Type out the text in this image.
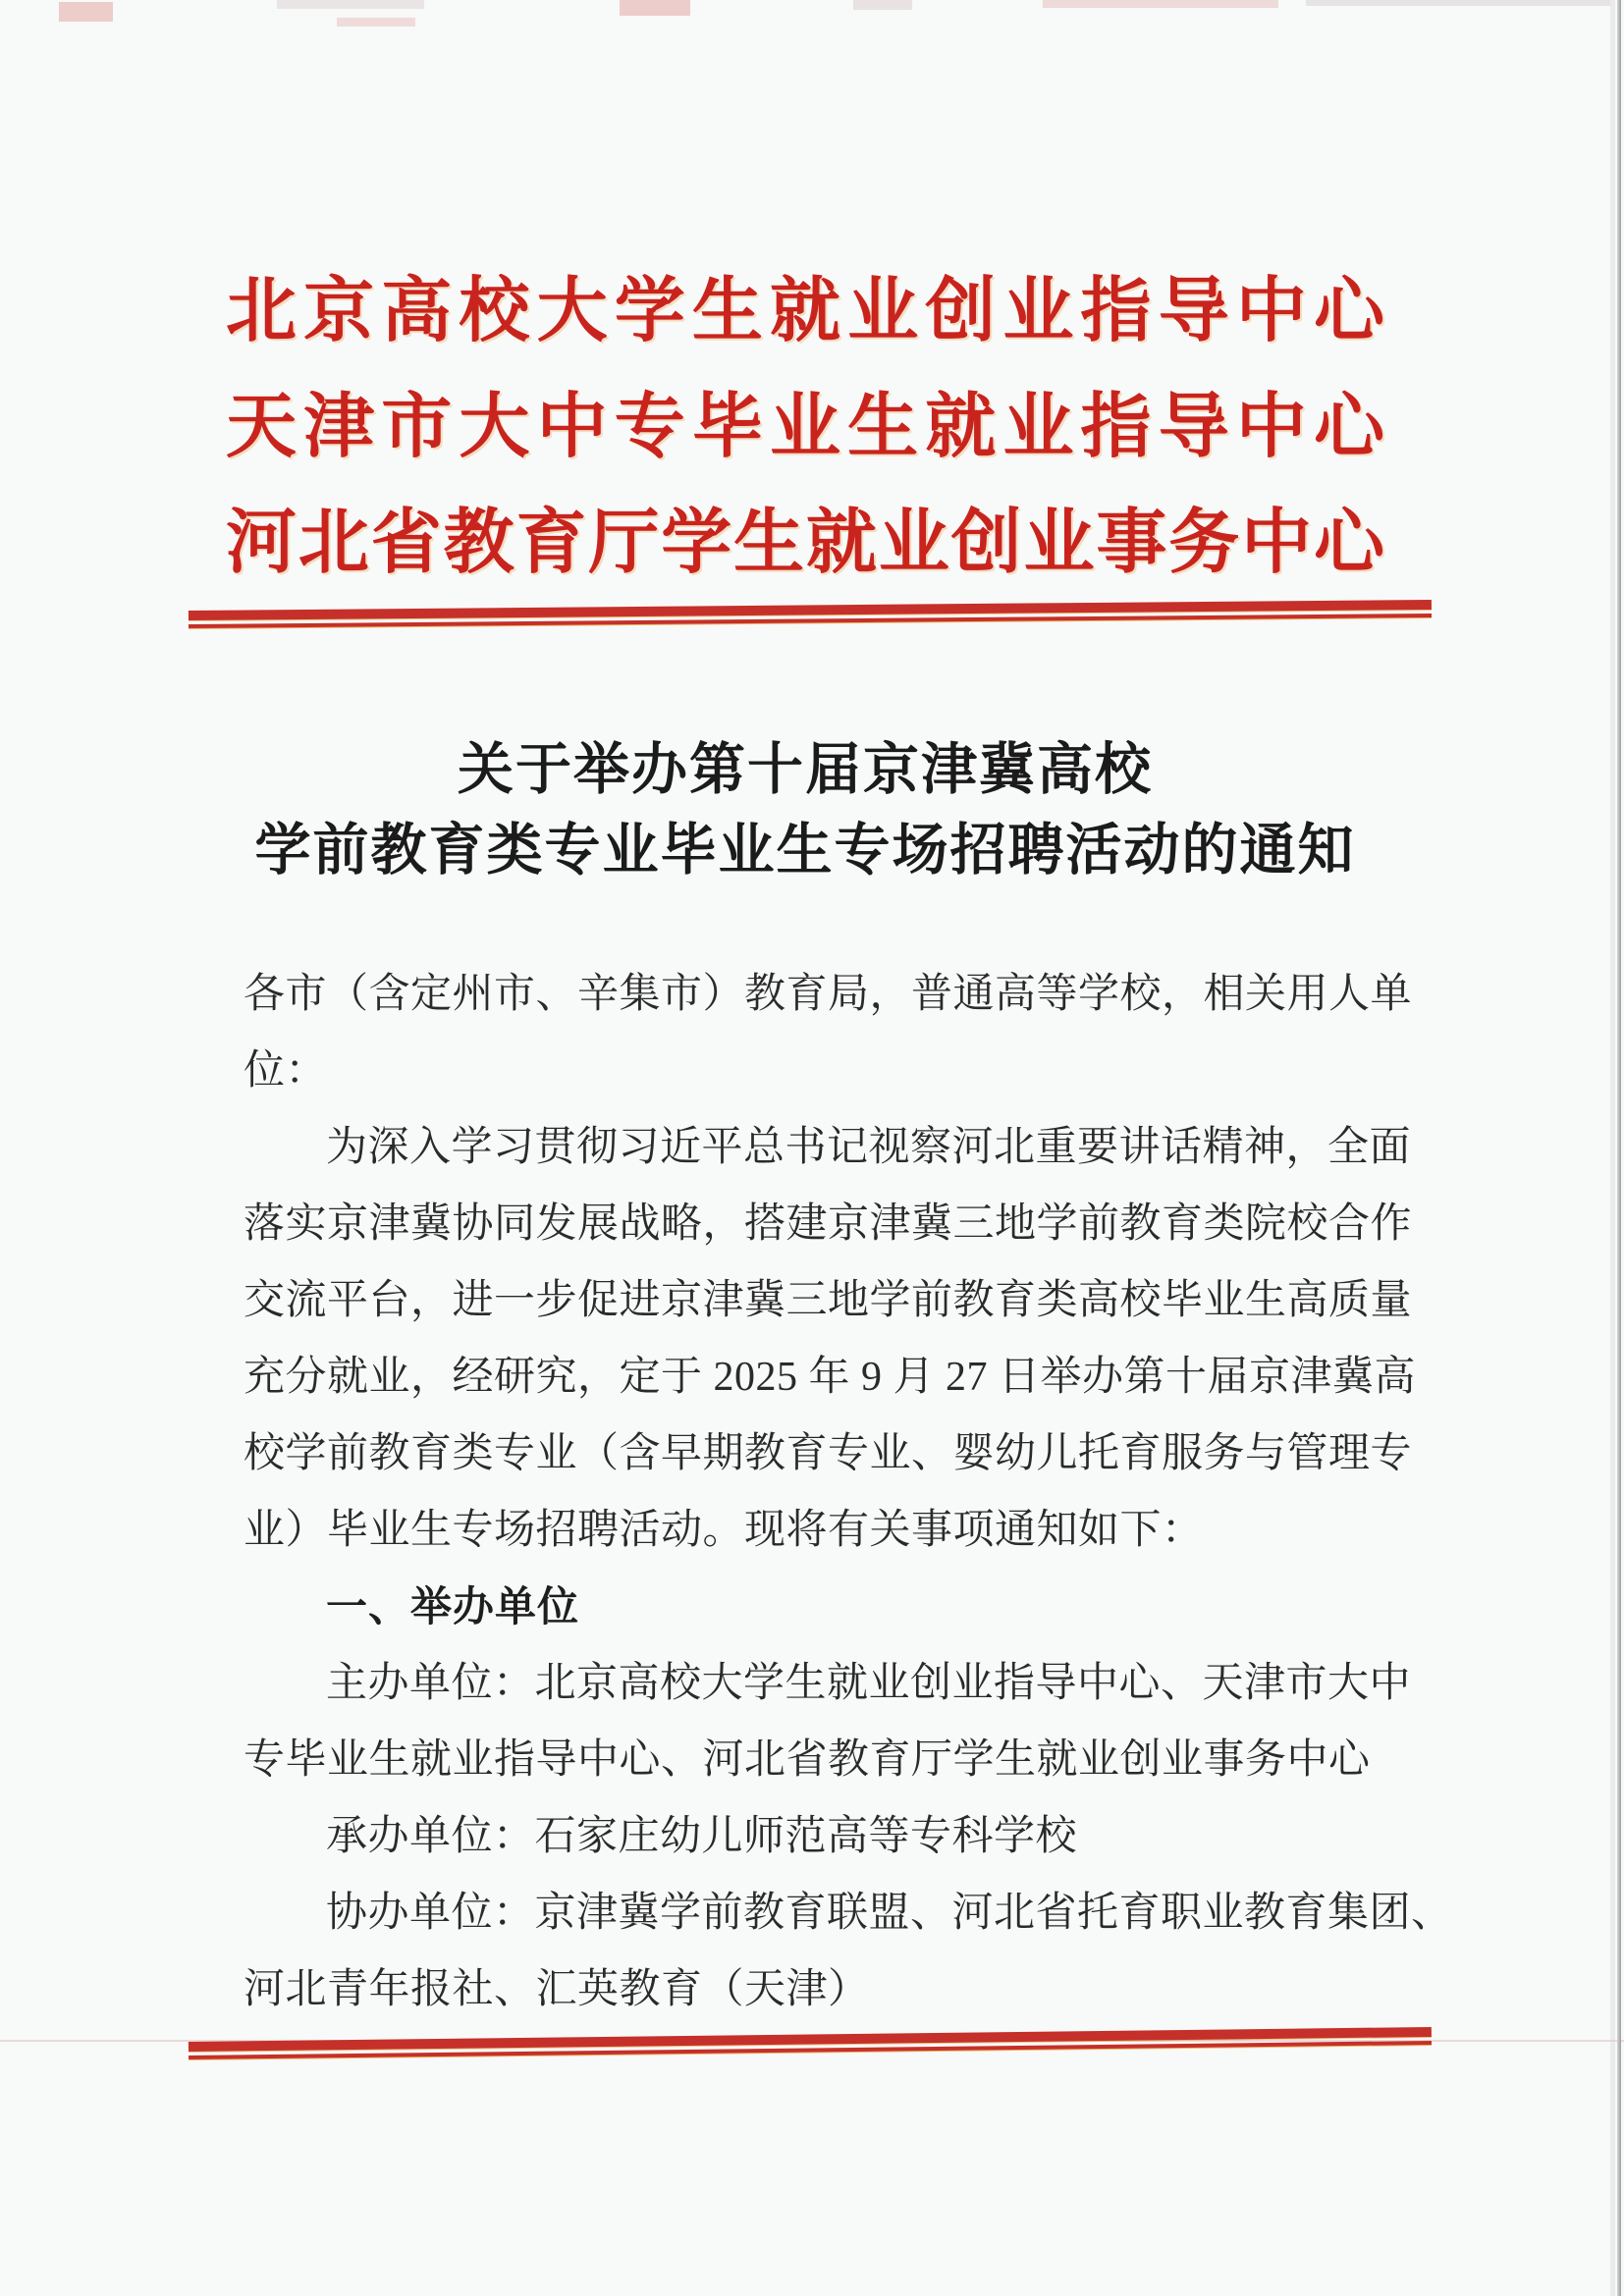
北京高校大学生就业创业指导中心
天津市大中专毕业生就业指导中心
河北省教育厅学生就业创业事务中心
关于举办第十届京津冀高校
学前教育类专业毕业生专场招聘活动的通知
各市（含定州市、辛集市）教育局，普通高等学校，相关用人单
位：
为深入学习贯彻习近平总书记视察河北重要讲话精神，全面
落实京津冀协同发展战略，搭建京津冀三地学前教育类院校合作
交流平台，进一步促进京津冀三地学前教育类高校毕业生高质量
充分就业，经研究，定于 2025 年 9 月 27 日举办第十届京津冀高
校学前教育类专业（含早期教育专业、婴幼儿托育服务与管理专
业）毕业生专场招聘活动。现将有关事项通知如下：
一、举办单位
主办单位：北京高校大学生就业创业指导中心、天津市大中
专毕业生就业指导中心、河北省教育厅学生就业创业事务中心
承办单位：石家庄幼儿师范高等专科学校
协办单位：京津冀学前教育联盟、河北省托育职业教育集团、
河北青年报社、汇英教育（天津）
